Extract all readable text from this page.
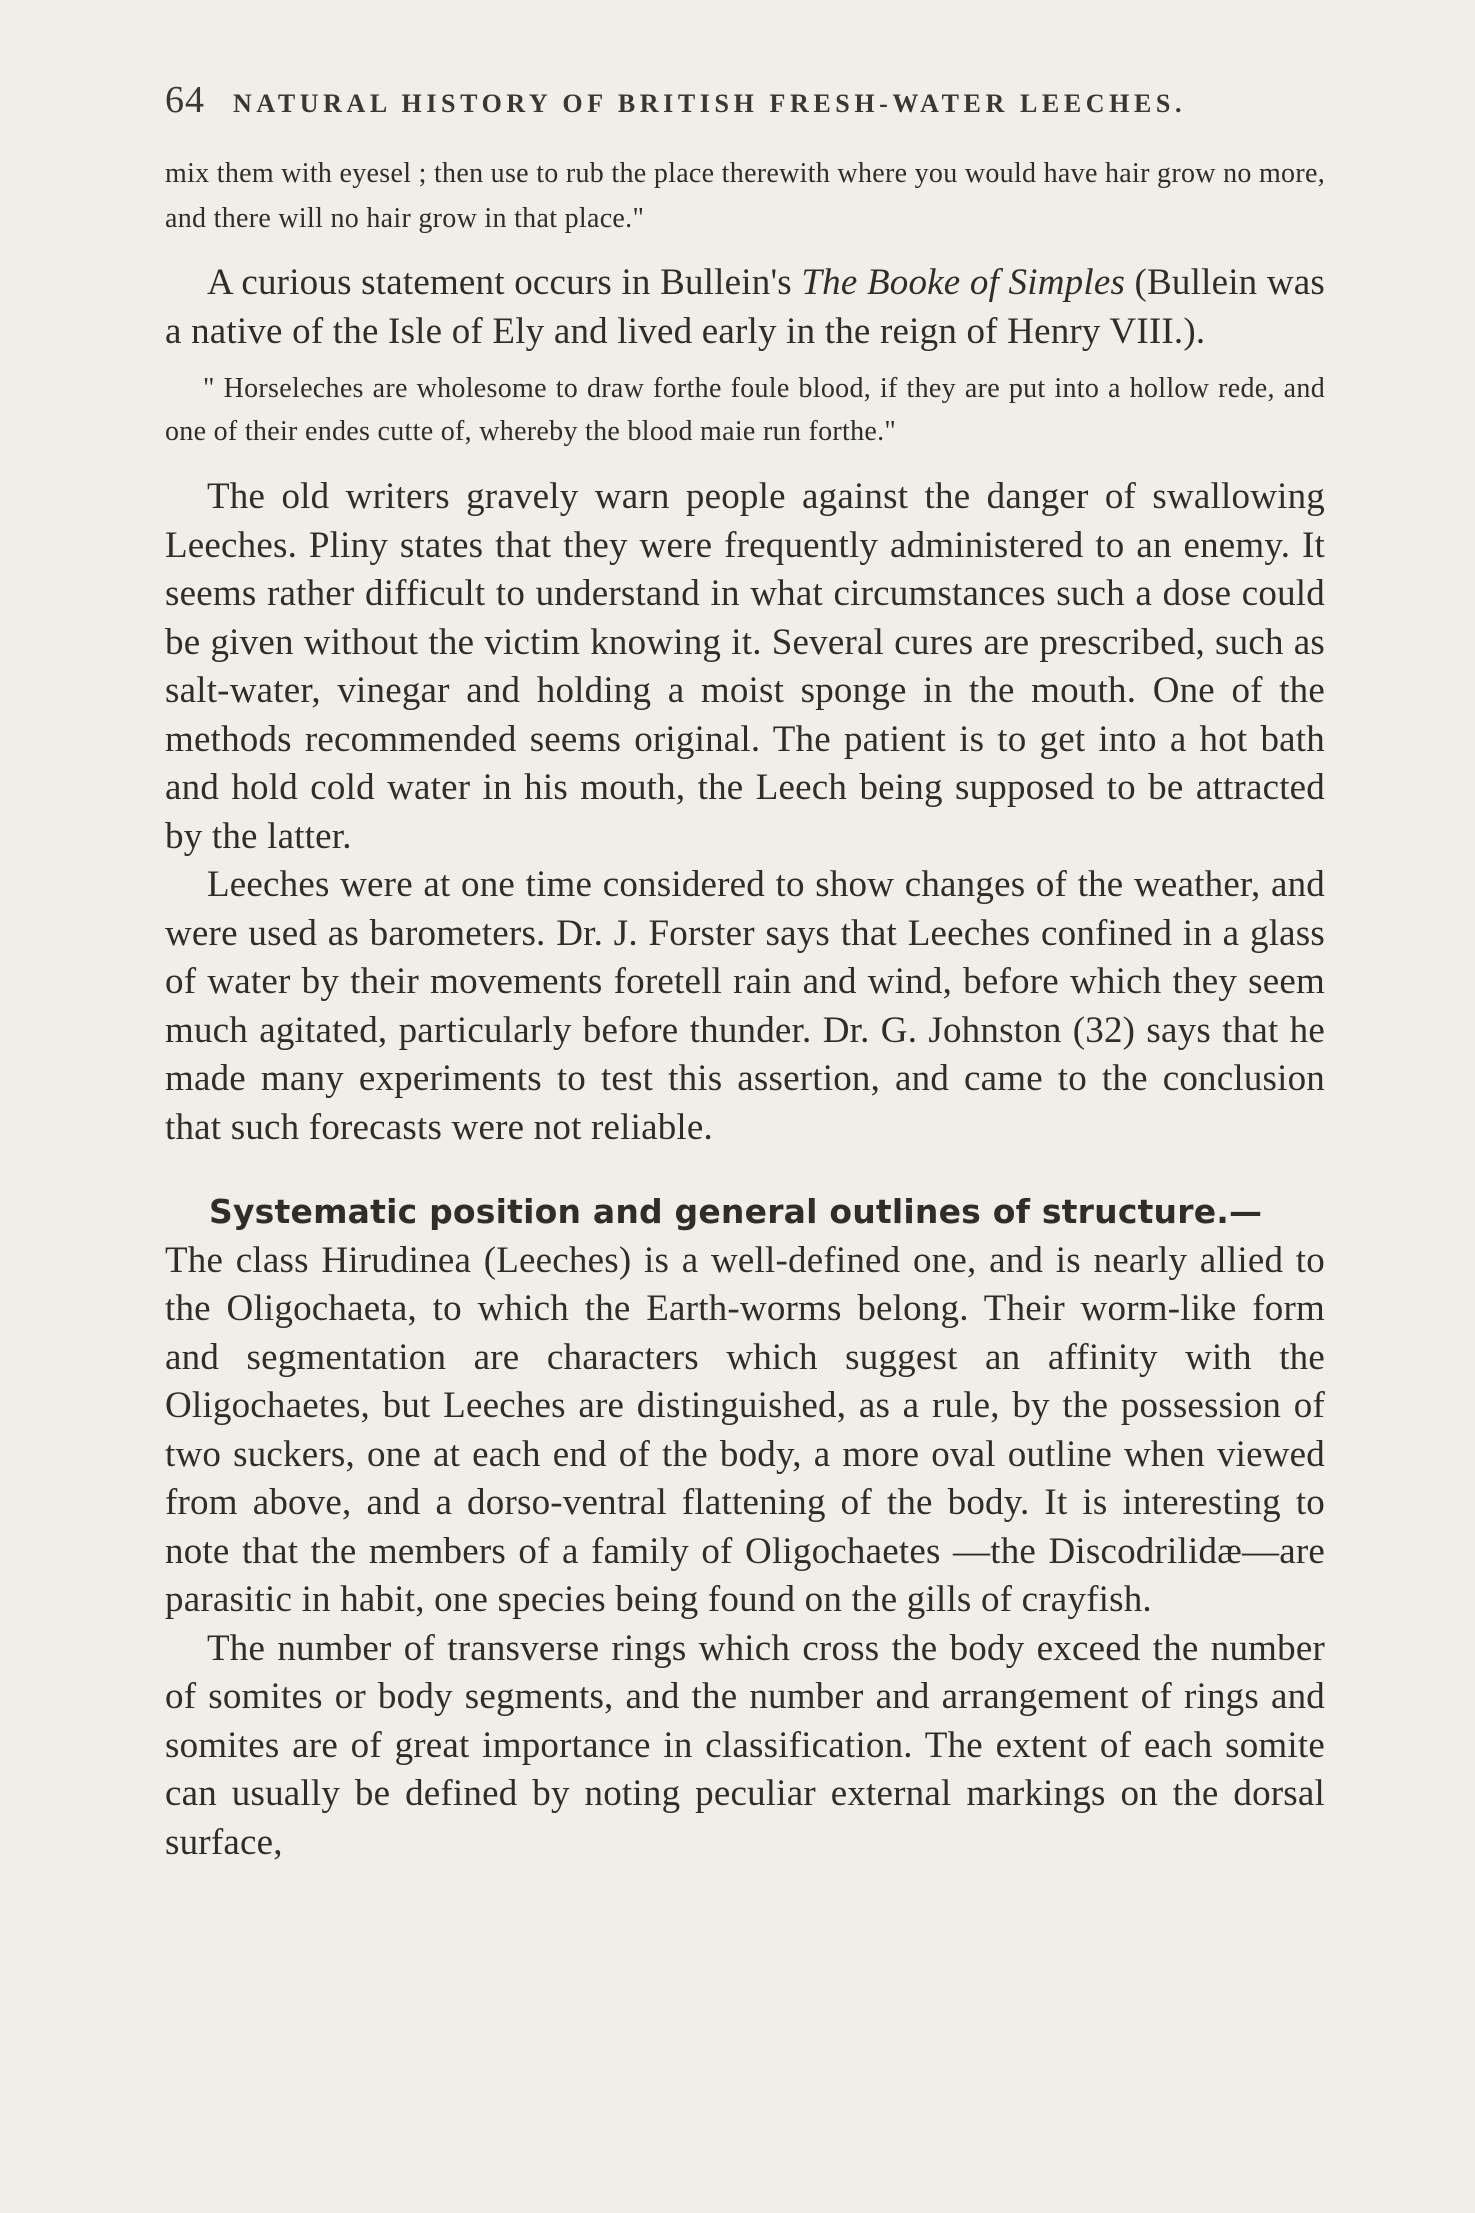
64 NATURAL HISTORY OF BRITISH FRESH-WATER LEECHES.

mix them with eyesel ; then use to rub the place therewith where you would have hair grow no more, and there will no hair grow in that place."

A curious statement occurs in Bullein's The Booke of Simples (Bullein was a native of the Isle of Ely and lived early in the reign of Henry VIII.).

" Horseleches are wholesome to draw forthe foule blood, if they are put into a hollow rede, and one of their endes cutte of, whereby the blood maie run forthe."

The old writers gravely warn people against the danger of swallowing Leeches. Pliny states that they were frequently administered to an enemy. It seems rather difficult to understand in what circumstances such a dose could be given without the victim knowing it. Several cures are prescribed, such as salt-water, vinegar and holding a moist sponge in the mouth. One of the methods recommended seems original. The patient is to get into a hot bath and hold cold water in his mouth, the Leech being supposed to be attracted by the latter.

Leeches were at one time considered to show changes of the weather, and were used as barometers. Dr. J. Forster says that Leeches confined in a glass of water by their movements foretell rain and wind, before which they seem much agitated, particularly before thunder. Dr. G. Johnston (32) says that he made many experiments to test this assertion, and came to the conclusion that such forecasts were not reliable.

Systematic position and general outlines of structure.—

The class Hirudinea (Leeches) is a well-defined one, and is nearly allied to the Oligochaeta, to which the Earth-worms belong. Their worm-like form and segmentation are characters which suggest an affinity with the Oligochaetes, but Leeches are distinguished, as a rule, by the possession of two suckers, one at each end of the body, a more oval outline when viewed from above, and a dorso-ventral flattening of the body. It is interesting to note that the members of a family of Oligochaetes —the Discodrilidæ—are parasitic in habit, one species being found on the gills of crayfish.

The number of transverse rings which cross the body exceed the number of somites or body segments, and the number and arrangement of rings and somites are of great importance in classification. The extent of each somite can usually be defined by noting peculiar external markings on the dorsal surface,
